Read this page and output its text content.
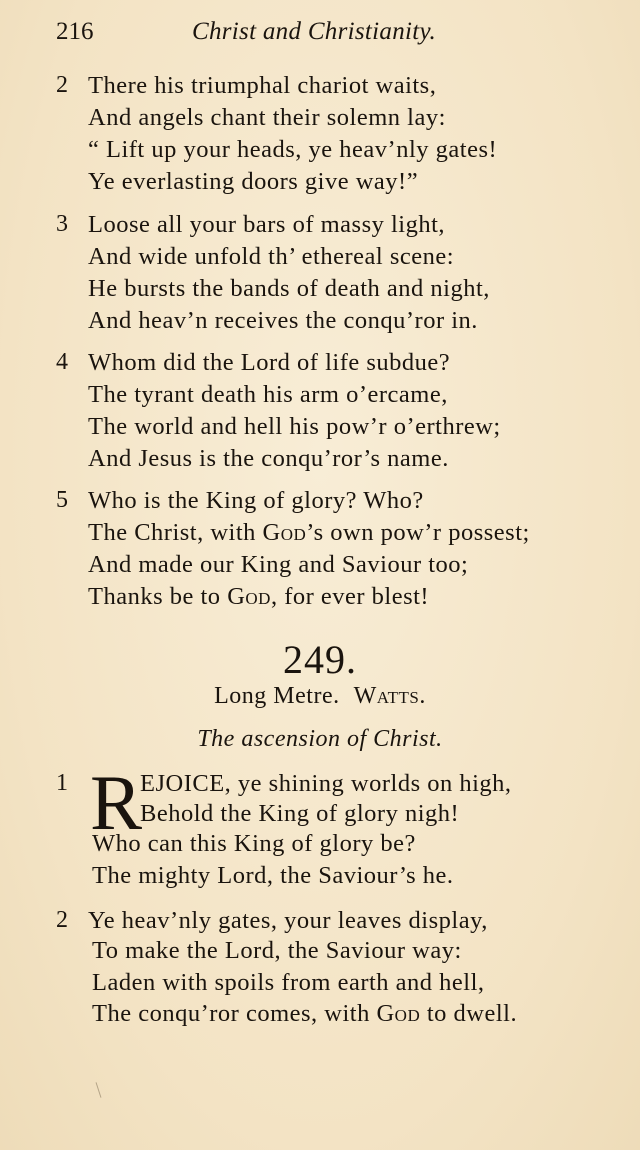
216	Christ and Christianity.
2 There his triumphal chariot waits,
And angels chant their solemn lay:
“ Lift up your heads, ye heav’nly gates!
Ye everlasting doors give way!”
3 Loose all your bars of massy light,
And wide unfold th’ ethereal scene:
He bursts the bands of death and night,
And heav’n receives the conqu’ror in.
4 Whom did the Lord of life subdue?
The tyrant death his arm o’ercame,
The world and hell his pow’r o’erthrew;
And Jesus is the conqu’ror’s name.
5 Who is the King of glory? Who?
The Christ, with God’s own pow’r possest;
And made our King and Saviour too;
Thanks be to God, for ever blest!
249.
Long Metre. Watts.
The ascension of Christ.
1 R
EJOICE, ye shining worlds on high,
Behold the King of glory nigh!
Who can this King of glory be?
The mighty Lord, the Saviour’s he.
2 Ye heav’nly gates, your leaves display,
To make the Lord, the Saviour way:
Laden with spoils from earth and hell,
The conqu’ror comes, with God to dwell.
